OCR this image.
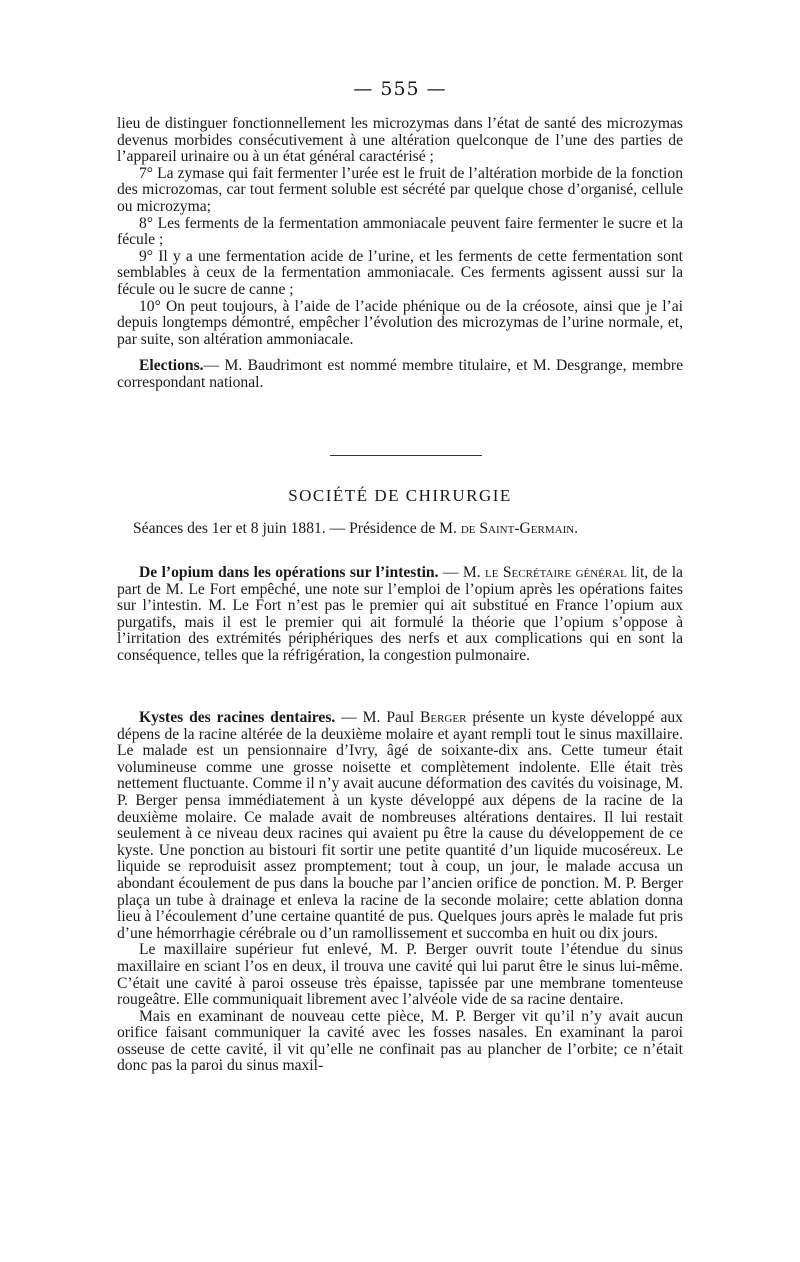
— 555 —

lieu de distinguer fonctionnellement les microzymas dans l’état de santé des microzymas devenus morbides consécutivement à une altération quelconque de l’une des parties de l’appareil urinaire ou à un état général caractérisé ;

7° La zymase qui fait fermenter l’urée est le fruit de l’altération morbide de la fonction des microzomas, car tout ferment soluble est sécrété par quelque chose d’organisé, cellule ou microzyma;

8° Les ferments de la fermentation ammoniacale peuvent faire fermenter le sucre et la fécule ;

9° Il y a une fermentation acide de l’urine, et les ferments de cette fermentation sont semblables à ceux de la fermentation ammoniacale. Ces ferments agissent aussi sur la fécule ou le sucre de canne ;

10° On peut toujours, à l’aide de l’acide phénique ou de la créosote, ainsi que je l’ai depuis longtemps démontré, empêcher l’évolution des microzymas de l’urine normale, et, par suite, son altération ammoniacale.

Elections.— M. Baudrimont est nommé membre titulaire, et M. Desgrange, membre correspondant national.

SOCIÉTÉ DE CHIRURGIE
Séances des 1er et 8 juin 1881. — Présidence de M. de Saint-Germain.

De l’opium dans les opérations sur l’intestin. — M. le Secrétaire général lit, de la part de M. Le Fort empêché, une note sur l’emploi de l’opium après les opérations faites sur l’intestin. M. Le Fort n’est pas le premier qui ait substitué en France l’opium aux purgatifs, mais il est le premier qui ait formulé la théorie que l’opium s’oppose à l’irritation des extrémités périphériques des nerfs et aux complications qui en sont la conséquence, telles que la réfrigération, la congestion pulmonaire.

Kystes des racines dentaires. — M. Paul Berger présente un kyste développé aux dépens de la racine altérée de la deuxième molaire et ayant rempli tout le sinus maxillaire. Le malade est un pensionnaire d’Ivry, âgé de soixante-dix ans. Cette tumeur était volumineuse comme une grosse noisette et complètement indolente. Elle était très nettement fluctuante. Comme il n’y avait aucune déformation des cavités du voisinage, M. P. Berger pensa immédiatement à un kyste développé aux dépens de la racine de la deuxième molaire. Ce malade avait de nombreuses altérations dentaires. Il lui restait seulement à ce niveau deux racines qui avaient pu être la cause du développement de ce kyste. Une ponction au bistouri fit sortir une petite quantité d’un liquide mucoséreux. Le liquide se reproduisit assez promptement; tout à coup, un jour, le malade accusa un abondant écoulement de pus dans la bouche par l’ancien orifice de ponction. M. P. Berger plaça un tube à drainage et enleva la racine de la seconde molaire; cette ablation donna lieu à l’écoulement d’une certaine quantité de pus. Quelques jours après le malade fut pris d’une hémorrhagie cérébrale ou d’un ramollissement et succomba en huit ou dix jours.

Le maxillaire supérieur fut enlevé, M. P. Berger ouvrit toute l’étendue du sinus maxillaire en sciant l’os en deux, il trouva une cavité qui lui parut être le sinus lui-même. C’était une cavité à paroi osseuse très épaisse, tapissée par une membrane tomenteuse rougeâtre. Elle communiquait librement avec l’alvéole vide de sa racine dentaire.

Mais en examinant de nouveau cette pièce, M. P. Berger vit qu’il n’y avait aucun orifice faisant communiquer la cavité avec les fosses nasales. En examinant la paroi osseuse de cette cavité, il vit qu’elle ne confinait pas au plancher de l’orbite; ce n’était donc pas la paroi du sinus maxil-
